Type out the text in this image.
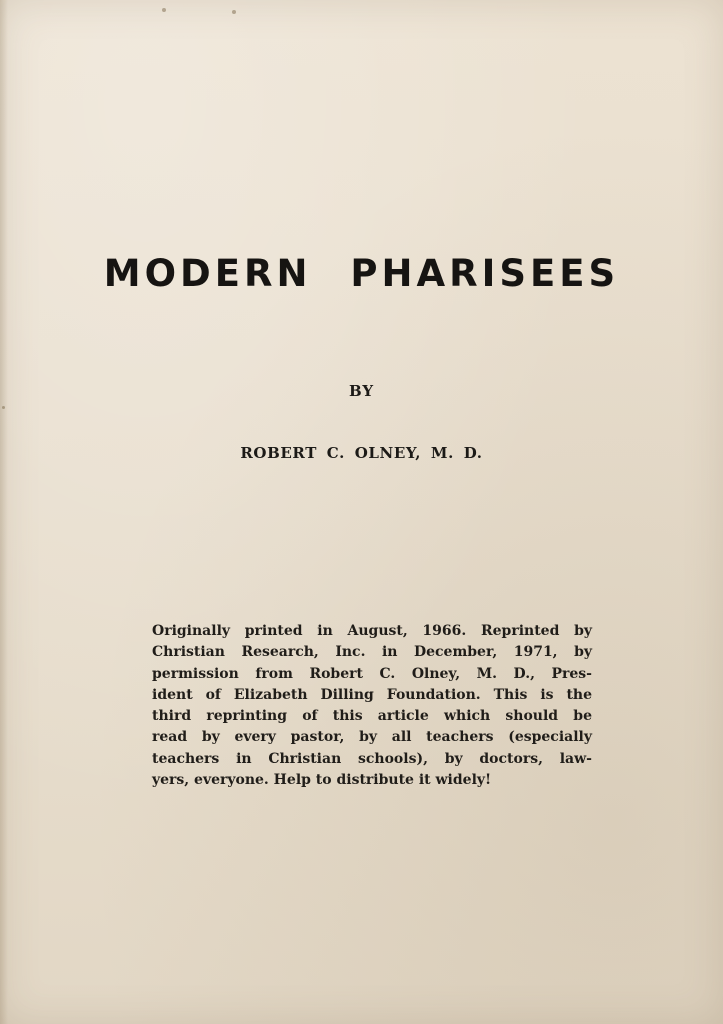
MODERN PHARISEES
BY
ROBERT C. OLNEY, M. D.
Originally printed in August, 1966. Reprinted by
Christian Research, Inc. in December, 1971, by
permission from Robert C. Olney, M. D., Pres-
ident of Elizabeth Dilling Foundation. This is the
third reprinting of this article which should be
read by every pastor, by all teachers (especially
teachers in Christian schools), by doctors, law-
yers, everyone. Help to distribute it widely!
